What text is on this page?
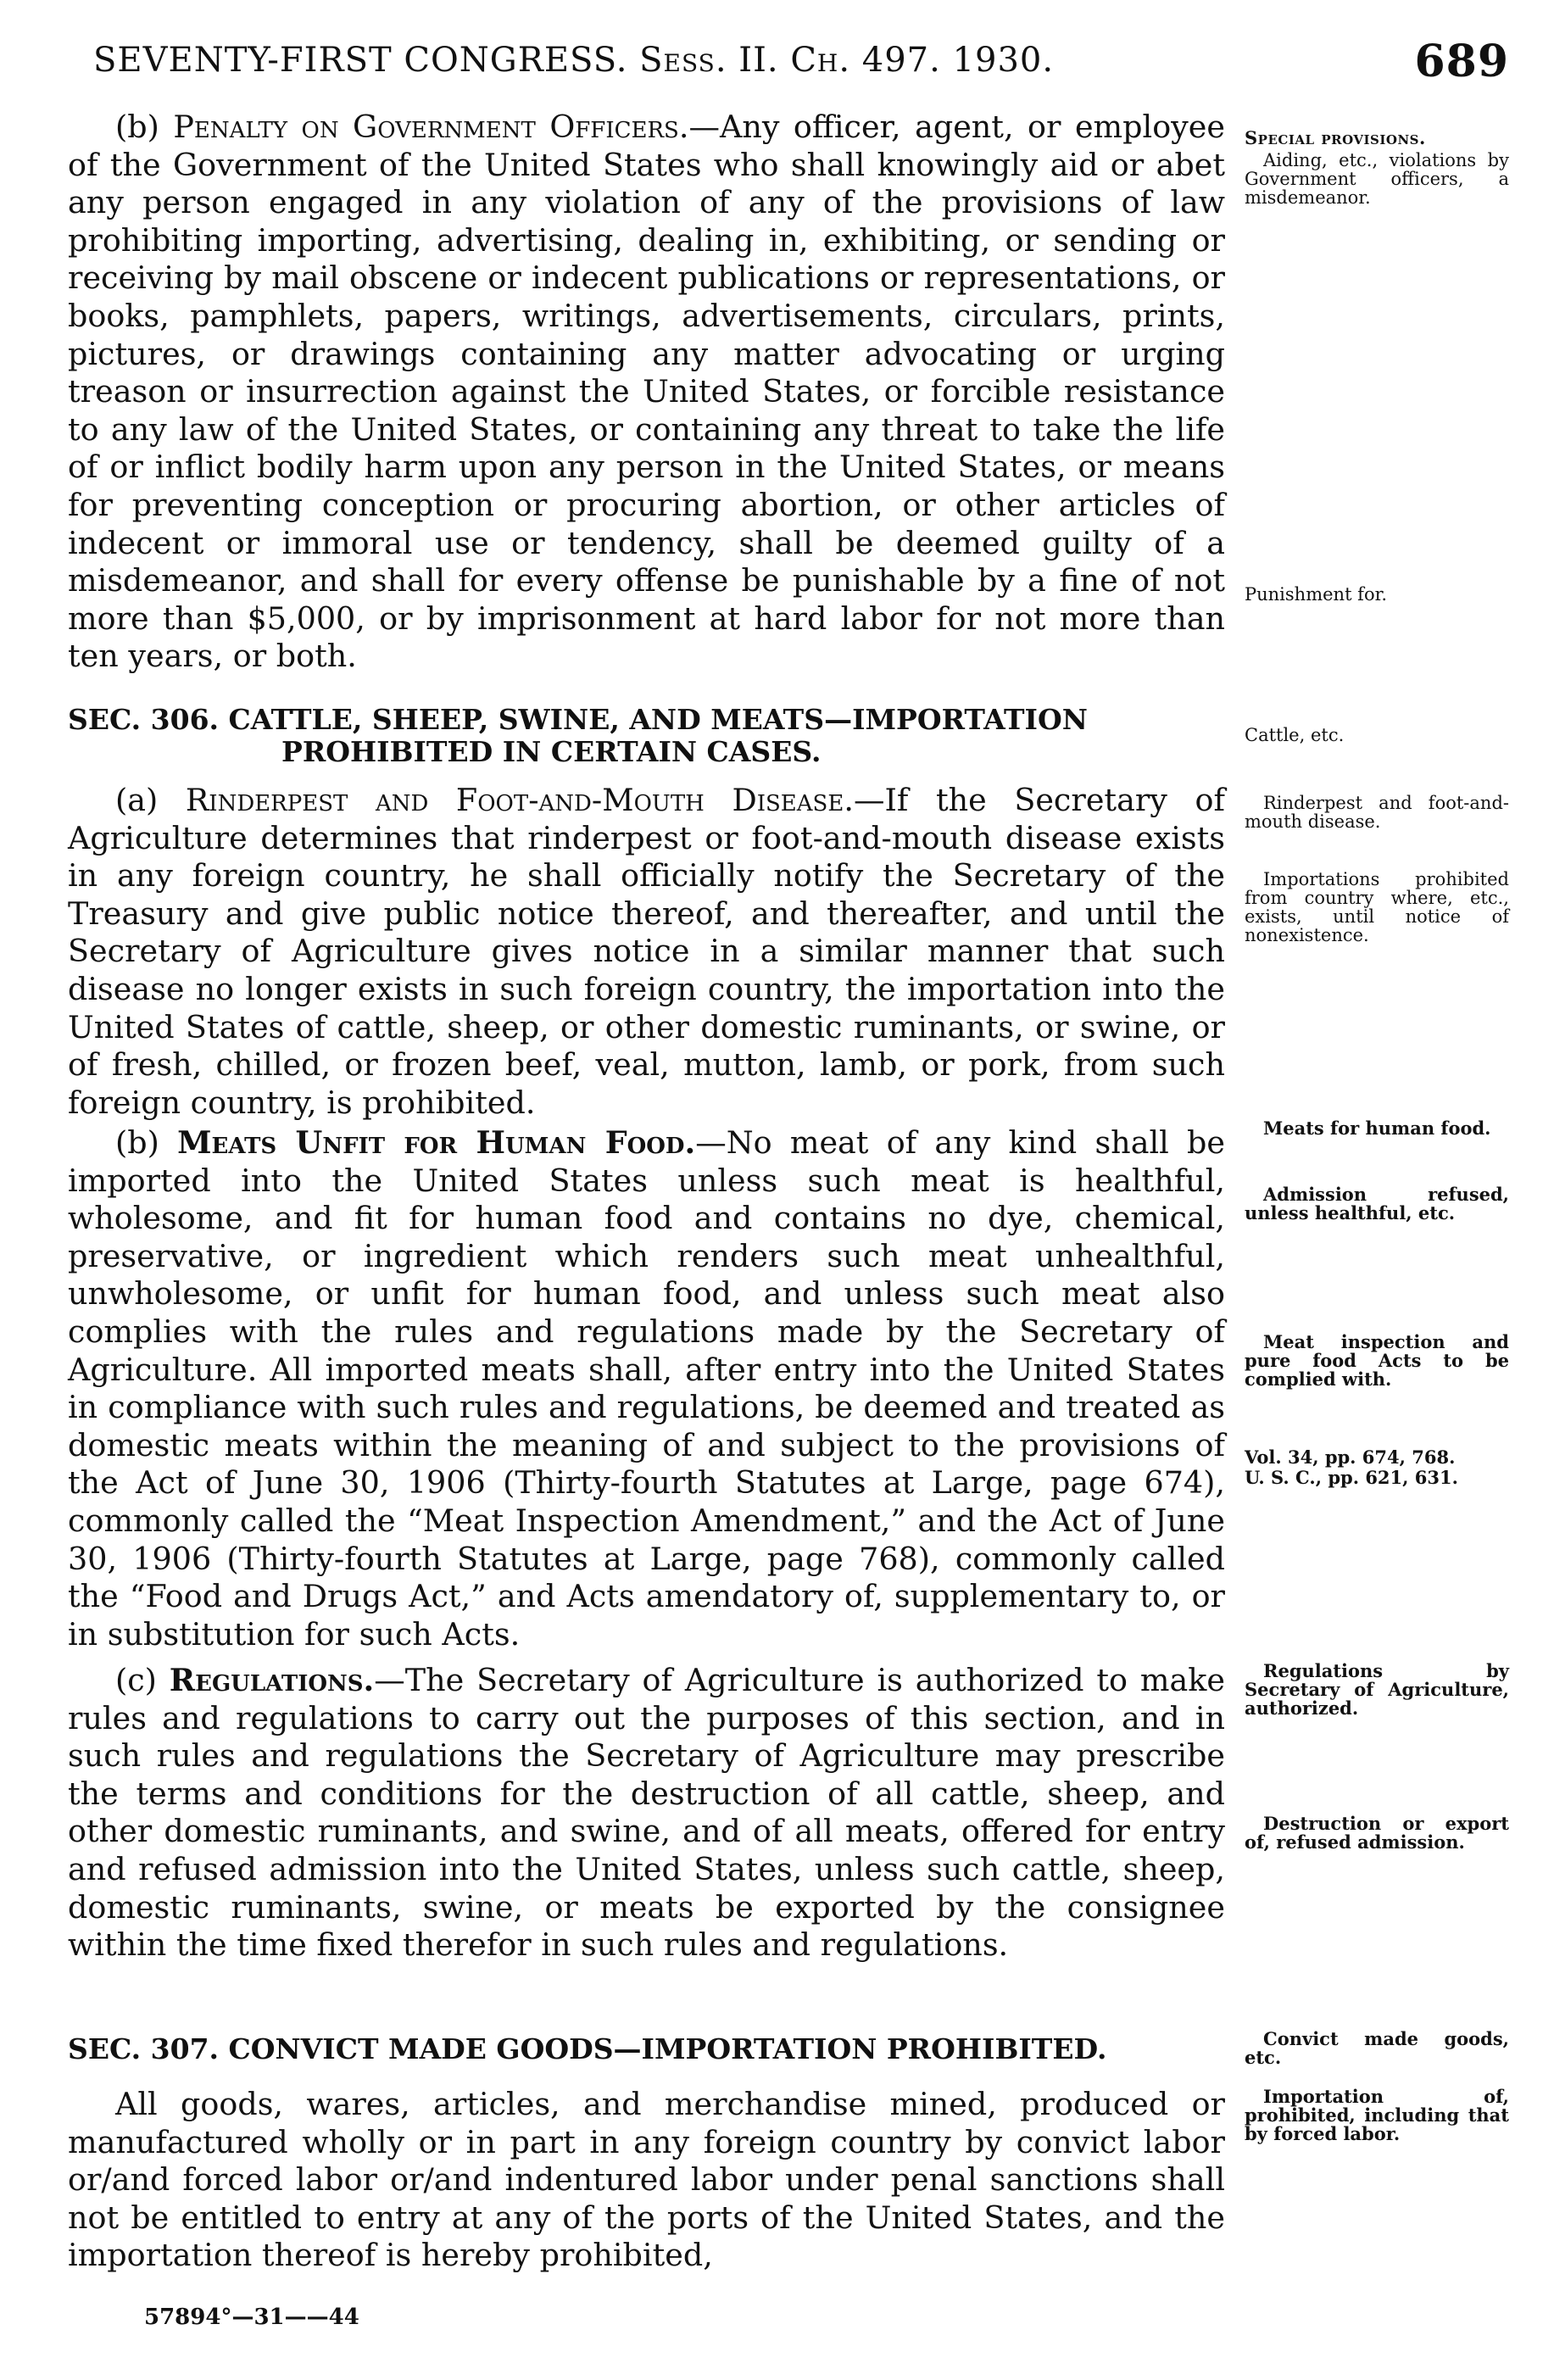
SEVENTY-FIRST CONGRESS. Sess. II. Ch. 497. 1930.	689
(b) Penalty on Government Officers.—Any officer, agent, or employee of the Government of the United States who shall knowingly aid or abet any person engaged in any violation of any of the provisions of law prohibiting importing, advertising, dealing in, exhibiting, or sending or receiving by mail obscene or indecent publications or representations, or books, pamphlets, papers, writings, advertisements, circulars, prints, pictures, or drawings containing any matter advocating or urging treason or insurrection against the United States, or forcible resistance to any law of the United States, or containing any threat to take the life of or inflict bodily harm upon any person in the United States, or means for preventing conception or procuring abortion, or other articles of indecent or immoral use or tendency, shall be deemed guilty of a misdemeanor, and shall for every offense be punishable by a fine of not more than $5,000, or by imprisonment at hard labor for not more than ten years, or both.
SEC. 306. CATTLE, SHEEP, SWINE, AND MEATS—IMPORTATION
PROHIBITED IN CERTAIN CASES.
(a) Rinderpest and Foot-and-Mouth Disease.—If the Secretary of Agriculture determines that rinderpest or foot-and-mouth disease exists in any foreign country, he shall officially notify the Secretary of the Treasury and give public notice thereof, and thereafter, and until the Secretary of Agriculture gives notice in a similar manner that such disease no longer exists in such foreign country, the importation into the United States of cattle, sheep, or other domestic ruminants, or swine, or of fresh, chilled, or frozen beef, veal, mutton, lamb, or pork, from such foreign country, is prohibited.
(b) Meats Unfit for Human Food.—No meat of any kind shall be imported into the United States unless such meat is healthful, wholesome, and fit for human food and contains no dye, chemical, preservative, or ingredient which renders such meat unhealthful, unwholesome, or unfit for human food, and unless such meat also complies with the rules and regulations made by the Secretary of Agriculture. All imported meats shall, after entry into the United States in compliance with such rules and regulations, be deemed and treated as domestic meats within the meaning of and subject to the provisions of the Act of June 30, 1906 (Thirty-fourth Statutes at Large, page 674), commonly called the “Meat Inspection Amendment,” and the Act of June 30, 1906 (Thirty-fourth Statutes at Large, page 768), commonly called the “Food and Drugs Act,” and Acts amendatory of, supplementary to, or in substitution for such Acts.
(c) Regulations.—The Secretary of Agriculture is authorized to make rules and regulations to carry out the purposes of this section, and in such rules and regulations the Secretary of Agriculture may prescribe the terms and conditions for the destruction of all cattle, sheep, and other domestic ruminants, and swine, and of all meats, offered for entry and refused admission into the United States, unless such cattle, sheep, domestic ruminants, swine, or meats be exported by the consignee within the time fixed therefor in such rules and regulations.
SEC. 307. CONVICT MADE GOODS—IMPORTATION PROHIBITED.
All goods, wares, articles, and merchandise mined, produced or manufactured wholly or in part in any foreign country by convict labor or/and forced labor or/and indentured labor under penal sanctions shall not be entitled to entry at any of the ports of the United States, and the importation thereof is hereby prohibited,
Special provisions.
Aiding, etc., violations by Government officers, a misdemeanor.
Punishment for.
Cattle, etc.
Rinderpest and foot-and-mouth disease.
Importations prohibited from country where, etc., exists, until notice of nonexistence.
Meats for human food.
Admission refused, unless healthful, etc.
Meat inspection and pure food Acts to be complied with.
Vol. 34, pp. 674, 768.
U. S. C., pp. 621, 631.
Regulations by Secretary of Agriculture, authorized.
Destruction or export of, refused admission.
Convict made goods, etc.
Importation of, prohibited, including that by forced labor.
57894°—31——44
